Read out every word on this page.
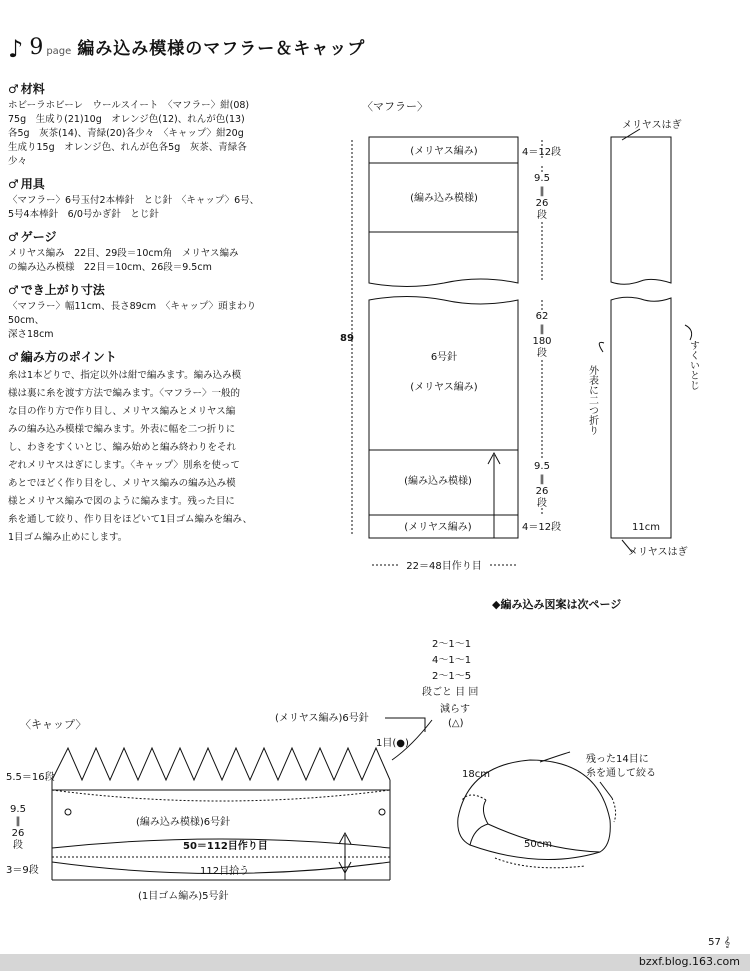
♪ 9 page 編み込み模様のマフラー＆キャップ
♂ 材料

ホビーラホビーレ　ウールスイート　〈マフラー〉紺(08)

75g　生成り(21)10g　オレンジ色(12)、れんが色(13)

各5g　灰茶(14)、青緑(20)各少々　〈キャップ〉紺20g

生成り15g　オレンジ色、れんが色各5g　灰茶、青緑各

少々

♂ 用具

〈マフラー〉6号玉付2本棒針　とじ針　〈キャップ〉6号、

5号4本棒針　6/0号かぎ針　とじ針

♂ ゲージ

メリヤス編み　22目、29段＝10cm角　メリヤス編み

の編み込み模様　22目＝10cm、26段＝9.5cm

♂ でき上がり寸法

〈マフラー〉幅11cm、長さ89cm　〈キャップ〉頭まわり50cm、

深さ18cm

♂ 編み方のポイント

糸は1本どりで、指定以外は紺で編みます。編み込み模

様は裏に糸を渡す方法で編みます。〈マフラー〉一般的

な目の作り方で作り目し、メリヤス編みとメリヤス編

みの編み込み模様で編みます。外表に幅を二つ折りに

し、わきをすくいとじ、編み始めと編み終わりをそれ

ぞれメリヤスはぎにします。〈キャップ〉別糸を使って

あとでほどく作り目をし、メリヤス編みの編み込み模

様とメリヤス編みで図のように編みます。残った目に

糸を通して絞り、作り目をほどいて1目ゴム編みを編み、

1目ゴム編み止めにします。

〈マフラー〉
(メリヤス編み)
(編み込み模様)
6号針
(メリヤス編み)
(編み込み模様)
(メリヤス編み)
89
4＝12段
9.5
‖
26
段
62
‖
180
段
9.5
‖
26
段
4＝12段
22＝48目作り目
メリヤスはぎ
11cm
メリヤスはぎ
すくいとじ
外表に二つ折り
◆編み込み図案は次ページ
2〜1〜1
4〜1〜1
2〜1〜5
段ごと 目 回
減らす
(△)
〈キャップ〉	(メリヤス編み)6号針
1目(●)
(編み込み模様)6号針
50＝112目作り目
112目拾う
(1目ゴム編み)5号針
5.5＝16段
9.5
‖
26
段
3＝9段
18cm
残った14目に
糸を通して絞る
50cm
57 𝄞
bzxf.blog.163.com
